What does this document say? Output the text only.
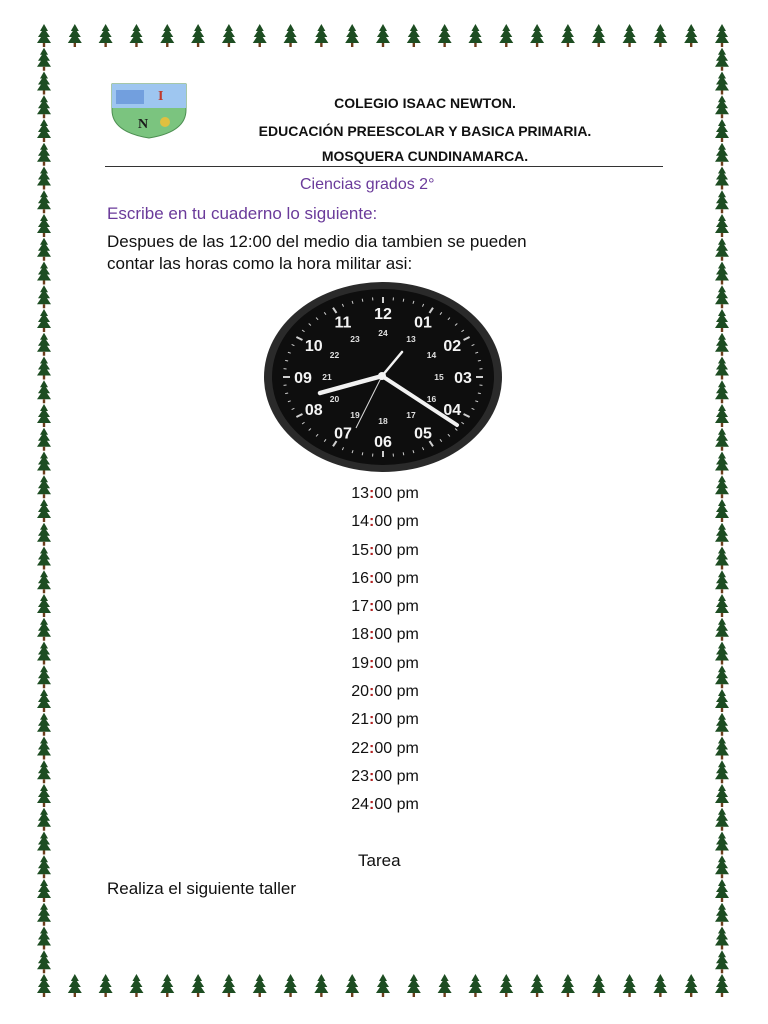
I
N
COLEGIO ISAAC NEWTON.
EDUCACIÓN PREESCOLAR Y BASICA PRIMARIA.
MOSQUERA CUNDINAMARCA.
Ciencias grados 2°
Escribe en tu cuaderno lo siguiente:
Despues de las 12:00 del medio dia tambien se pueden
contar las horas como la hora militar asi:
12
01
02
03
04
05
06
07
08
09
10
11
24
13
14
15
16
17
18
19
20
21
22
23
13:00 pm
14:00 pm
15:00 pm
16:00 pm
17:00 pm
18:00 pm
19:00 pm
20:00 pm
21:00 pm
22:00 pm
23:00 pm
24:00 pm
Tarea
Realiza el siguiente taller
